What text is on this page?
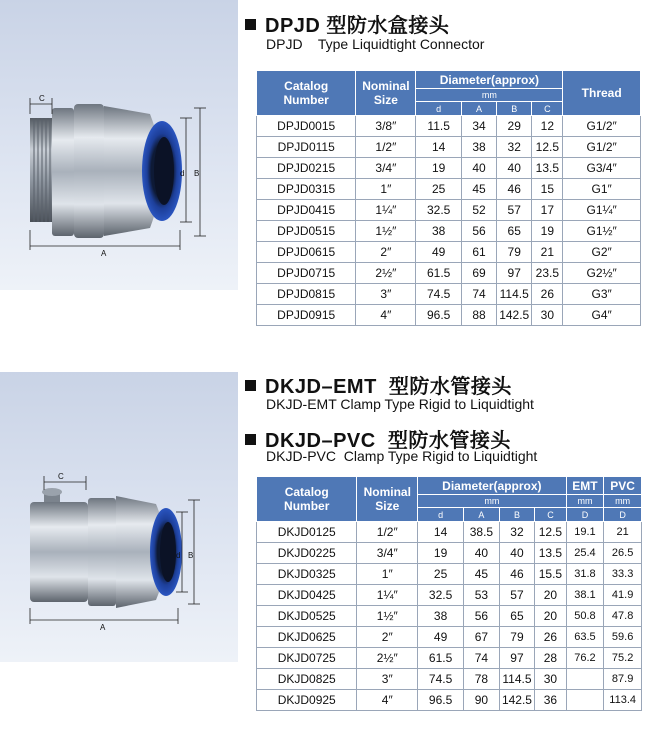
C
A
d B
DPJD 型防水盒接头
DPJD    Type Liquidtight Connector
Catalog Number	Nominal Size	Diameter(approx)				Thread
		mm				
		d	A	B	C	
DPJD0015	3/8″	11.5	34	29	12	G1/2″
DPJD0115	1/2″	14	38	32	12.5	G1/2″
DPJD0215	3/4″	19	40	40	13.5	G3/4″
DPJD0315	1″	25	45	46	15	G1″
DPJD0415	1¼″	32.5	52	57	17	G1¼″
DPJD0515	1½″	38	56	65	19	G1½″
DPJD0615	2″	49	61	79	21	G2″
DPJD0715	2½″	61.5	69	97	23.5	G2½″
DPJD0815	3″	74.5	74	114.5	26	G3″
DPJD0915	4″	96.5	88	142.5	30	G4″
C
A
d B
DKJD–EMT 型防水管接头
DKJD-EMT Clamp Type Rigid to Liquidtight
DKJD–PVC 型防水管接头
DKJD-PVC  Clamp Type Rigid to Liquidtight
Catalog Number	Nominal Size	Diameter(approx)				EMT	PVC
		mm				mm	mm
		d	A	B	C	D	D
DKJD0125	1/2″	14	38.5	32	12.5	19.1	21
DKJD0225	3/4″	19	40	40	13.5	25.4	26.5
DKJD0325	1″	25	45	46	15.5	31.8	33.3
DKJD0425	1¼″	32.5	53	57	20	38.1	41.9
DKJD0525	1½″	38	56	65	20	50.8	47.8
DKJD0625	2″	49	67	79	26	63.5	59.6
DKJD0725	2½″	61.5	74	97	28	76.2	75.2
DKJD0825	3″	74.5	78	114.5	30		87.9
DKJD0925	4″	96.5	90	142.5	36		113.4
